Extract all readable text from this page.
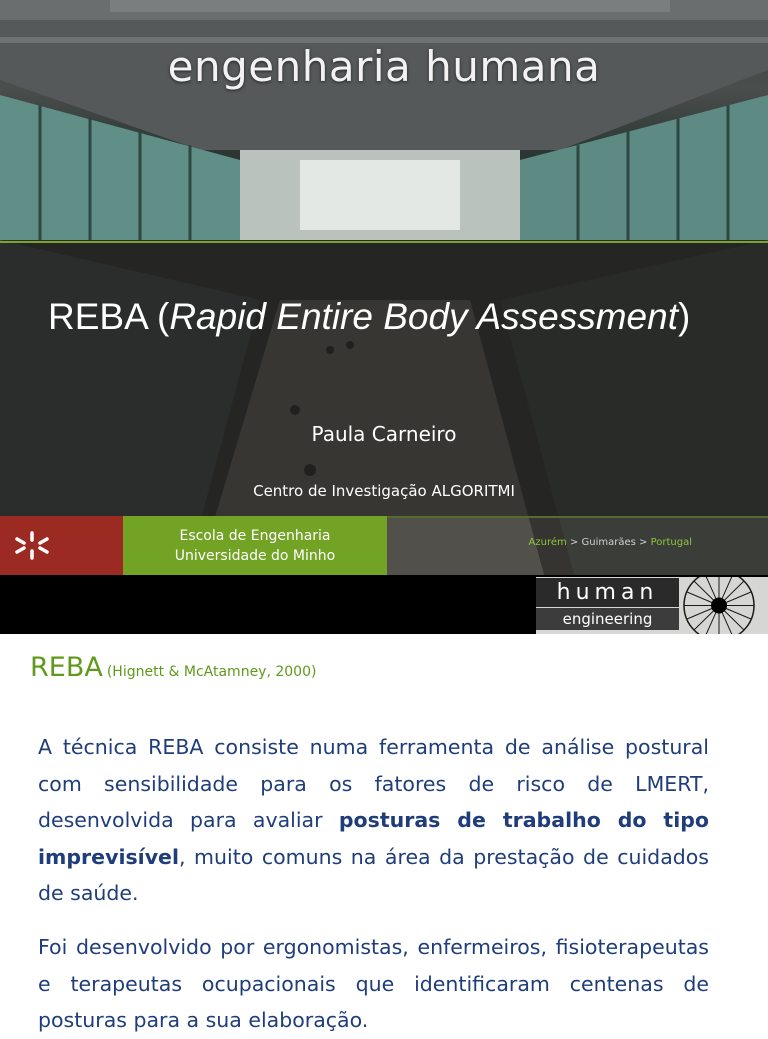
engenharia humana
REBA (Rapid Entire Body Assessment)
Paula Carneiro
Centro de Investigação ALGORITMI
Escola de Engenharia
Universidade do Minho
Azurém > Guimarães > Portugal
human
engineering
REBA (Hignett & McAtamney, 2000)
A técnica REBA consiste numa ferramenta de análise postural com sensibilidade para os fatores de risco de LMERT, desenvolvida para avaliar posturas de trabalho do tipo imprevisível, muito comuns na área da prestação de cuidados de saúde.
Foi desenvolvido por ergonomistas, enfermeiros, fisioterapeutas e terapeutas ocupacionais que identificaram centenas de posturas para a sua elaboração.
